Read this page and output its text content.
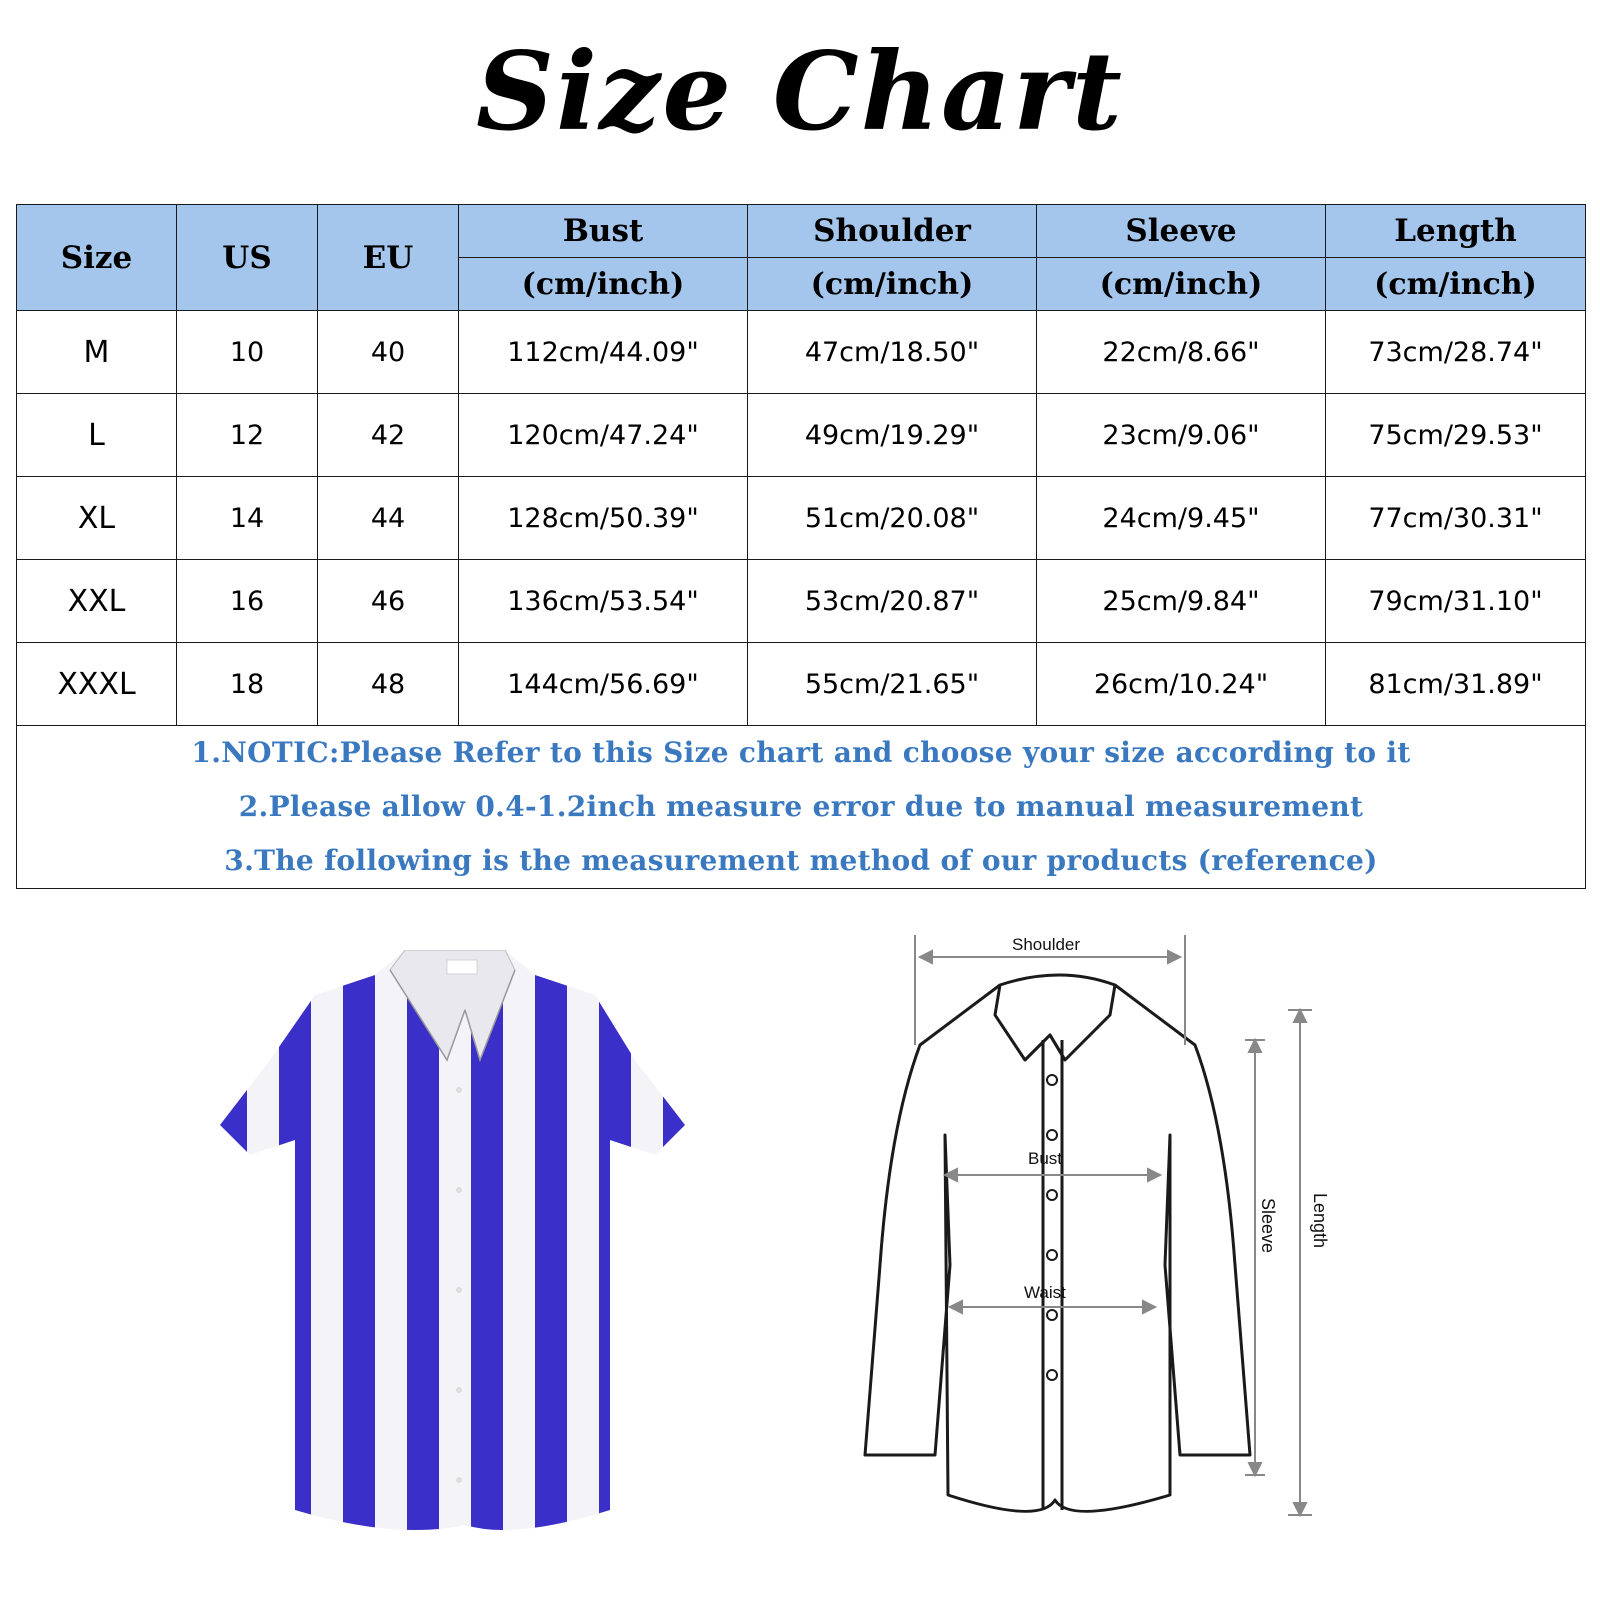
Size Chart
Size	US	EU	Bust	Shoulder	Sleeve	Length
			(cm/inch)	(cm/inch)	(cm/inch)	(cm/inch)
M	10	40	112cm/44.09"	47cm/18.50"	22cm/8.66"	73cm/28.74"
L	12	42	120cm/47.24"	49cm/19.29"	23cm/9.06"	75cm/29.53"
XL	14	44	128cm/50.39"	51cm/20.08"	24cm/9.45"	77cm/30.31"
XXL	16	46	136cm/53.54"	53cm/20.87"	25cm/9.84"	79cm/31.10"
XXXL	18	48	144cm/56.69"	55cm/21.65"	26cm/10.24"	81cm/31.89"

1.NOTIC:Please Refer to this Size chart and choose your size according to it
2.Please allow 0.4-1.2inch measure error due to manual measurement
3.The following is the measurement method of our products (reference)						
Shoulder
Bust
Waist
Sleeve Length
